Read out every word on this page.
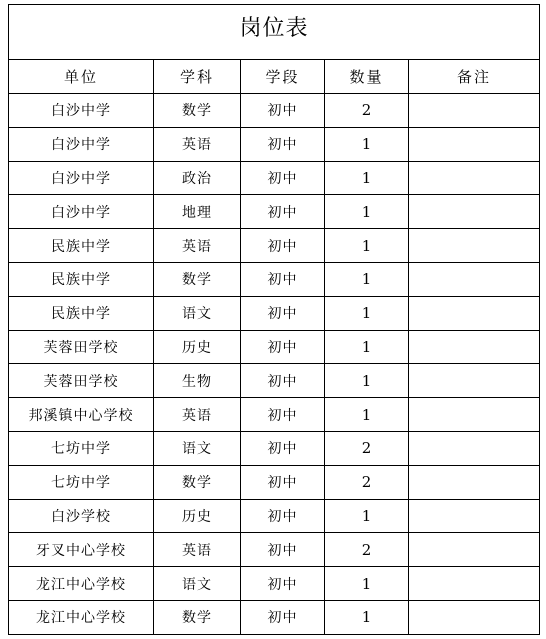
岗位表				
单位	学科	学段	数量	备注
白沙中学	数学	初中	2	
白沙中学	英语	初中	1	
白沙中学	政治	初中	1	
白沙中学	地理	初中	1	
民族中学	英语	初中	1	
民族中学	数学	初中	1	
民族中学	语文	初中	1	
芙蓉田学校	历史	初中	1	
芙蓉田学校	生物	初中	1	
邦溪镇中心学校	英语	初中	1	
七坊中学	语文	初中	2	
七坊中学	数学	初中	2	
白沙学校	历史	初中	1	
牙叉中心学校	英语	初中	2	
龙江中心学校	语文	初中	1	
龙江中心学校	数学	初中	1	
